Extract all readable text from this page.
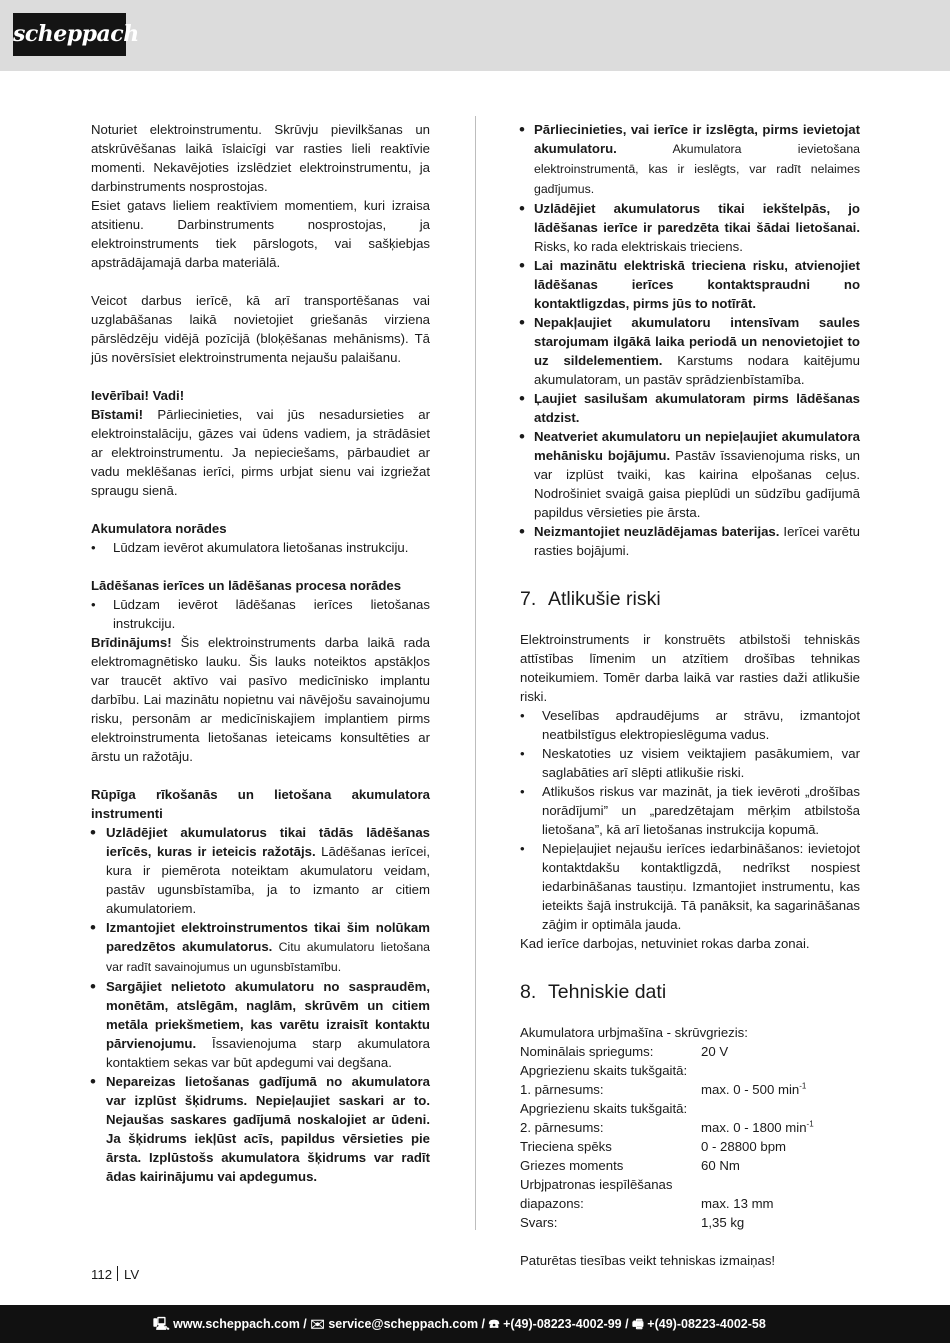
scheppach

Noturiet elektroinstrumentu. Skrūvju pievilkšanas un atskrūvēšanas laikā īslaicīgi var rasties lieli reaktīvie momenti. Nekavējoties izslēdziet elektroinstrumentu, ja darbinstruments nosprostojas.

Esiet gatavs lieliem reaktīviem momentiem, kuri izraisa atsitienu. Darbinstruments nosprostojas, ja elektroinstruments tiek pārslogots, vai sašķiebjas apstrādājamajā darba materiālā.

Veicot darbus ierīcē, kā arī transportēšanas vai uzglabāšanas laikā novietojiet griešanās virziena pārslēdzēju vidējā pozīcijā (bloķēšanas mehānisms). Tā jūs novērsīsiet elektroinstrumenta nejaušu palaišanu.

Ievērībai! Vadi!

Bīstami! Pārliecinieties, vai jūs nesadursieties ar elektroinstalāciju, gāzes vai ūdens vadiem, ja strādāsiet ar elektroinstrumentu. Ja nepieciešams, pārbaudiet ar vadu meklēšanas ierīci, pirms urbjat sienu vai izgriežat spraugu sienā.

Akumulatora norādes

• Lūdzam ievērot akumulatora lietošanas instrukciju.

Lādēšanas ierīces un lādēšanas procesa norādes

• Lūdzam ievērot lādēšanas ierīces lietošanas instrukciju.

Brīdinājums! Šis elektroinstruments darba laikā rada elektromagnētisko lauku. Šis lauks noteiktos apstākļos var traucēt aktīvo vai pasīvo medicīnisko implantu darbību. Lai mazinātu nopietnu vai nāvējošu savainojumu risku, personām ar medicīniskajiem implantiem pirms elektroinstrumenta lietošanas ieteicams konsultēties ar ārstu un ražotāju.

Rūpīga rīkošanās un lietošana akumulatora instrumenti

• Uzlādējiet akumulatorus tikai tādās lādēšanas ierīcēs, kuras ir ieteicis ražotājs. Lādēšanas ierīcei, kura ir piemērota noteiktam akumulatoru veidam, pastāv ugunsbīstamība, ja to izmanto ar citiem akumulatoriem.
• Izmantojiet elektroinstrumentos tikai šim nolūkam paredzētos akumulatorus. Citu akumulatoru lietošana var radīt savainojumus un ugunsbīstamību.
• Sargājiet nelietoto akumulatoru no saspraudēm, monētām, atslēgām, naglām, skrūvēm un citiem metāla priekšmetiem, kas varētu izraisīt kontaktu pārvienojumu. Īssavienojuma starp akumulatora kontaktiem sekas var būt apdegumi vai degšana.
• Nepareizas lietošanas gadījumā no akumulatora var izplūst šķidrums. Nepieļaujiet saskari ar to. Nejaušas saskares gadījumā noskalojiet ar ūdeni. Ja šķidrums iekļūst acīs, papildus vērsieties pie ārsta. Izplūstošs akumulatora šķidrums var radīt ādas kairinājumu vai apdegumus.
• Pārliecinieties, vai ierīce ir izslēgta, pirms ievietojat akumulatoru. Akumulatora ievietošana elektroinstrumentā, kas ir ieslēgts, var radīt nelaimes gadījumus.
• Uzlādējiet akumulatorus tikai iekštelpās, jo lādēšanas ierīce ir paredzēta tikai šādai lietošanai. Risks, ko rada elektriskais trieciens.
• Lai mazinātu elektriskā trieciena risku, atvienojiet lādēšanas ierīces kontaktspraudni no kontaktligzdas, pirms jūs to notīrāt.
• Nepakļaujiet akumulatoru intensīvam saules starojumam ilgākā laika periodā un nenovietojiet to uz sildelementiem. Karstums nodara kaitējumu akumulatoram, un pastāv sprādzienbīstamība.
• Ļaujiet sasilušam akumulatoram pirms lādēšanas atdzist.
• Neatveriet akumulatoru un nepieļaujiet akumulatora mehānisku bojājumu. Pastāv īssavienojuma risks, un var izplūst tvaiki, kas kairina elpošanas ceļus. Nodrošiniet svaigā gaisa pieplūdi un sūdzību gadījumā papildus vērsieties pie ārsta.
• Neizmantojiet neuzlādējamas baterijas. Ierīcei varētu rasties bojājumi.
7. Atlikušie riski

Elektroinstruments ir konstruēts atbilstoši tehniskās attīstības līmenim un atzītiem drošības tehnikas noteikumiem. Tomēr darba laikā var rasties daži atlikušie riski.

• Veselības apdraudējums ar strāvu, izmantojot neatbilstīgus elektropieslēguma vadus.
• Neskatoties uz visiem veiktajiem pasākumiem, var saglabāties arī slēpti atlikušie riski.
• Atlikušos riskus var mazināt, ja tiek ievēroti „drošības norādījumi” un „paredzētajam mērķim atbilstoša lietošana”, kā arī lietošanas instrukcija kopumā.
• Nepieļaujiet nejaušu ierīces iedarbināšanos: ievietojot kontaktdakšu kontaktligzdā, nedrīkst nospiest iedarbināšanas taustiņu. Izmantojiet instrumentu, kas ieteikts šajā instrukcijā. Tā panāksit, ka sagarināšanas zāģim ir optimāla jauda.

Kad ierīce darbojas, netuviniet rokas darba zonai.

8. Tehniskie dati

Akumulatora urbjmašīna - skrūvgriezis:

Nominālais spriegums:	20 V
Apgriezienu skaits tukšgaitā:
1. pārnesums:	max. 0 - 500 $\min^{-1}$
Apgriezienu skaits tukšgaitā:
2. pārnesums:	max. 0 - 1800 $\min^{-1}$
Trieciena spēks	0 - 28800 bpm
Griezes moments	60 Nm
Urbjpatronas iespīlēšanas
diapazons:	max. 13 mm
Svars:	1,35 kg

Paturētas tiesības veikt tehniskas izmaiņas!

112 LV
🖳 www.scheppach.com / ✉ service@scheppach.com / ☎ +(49)-08223-4002-99 / 🖷 +(49)-08223-4002-58
